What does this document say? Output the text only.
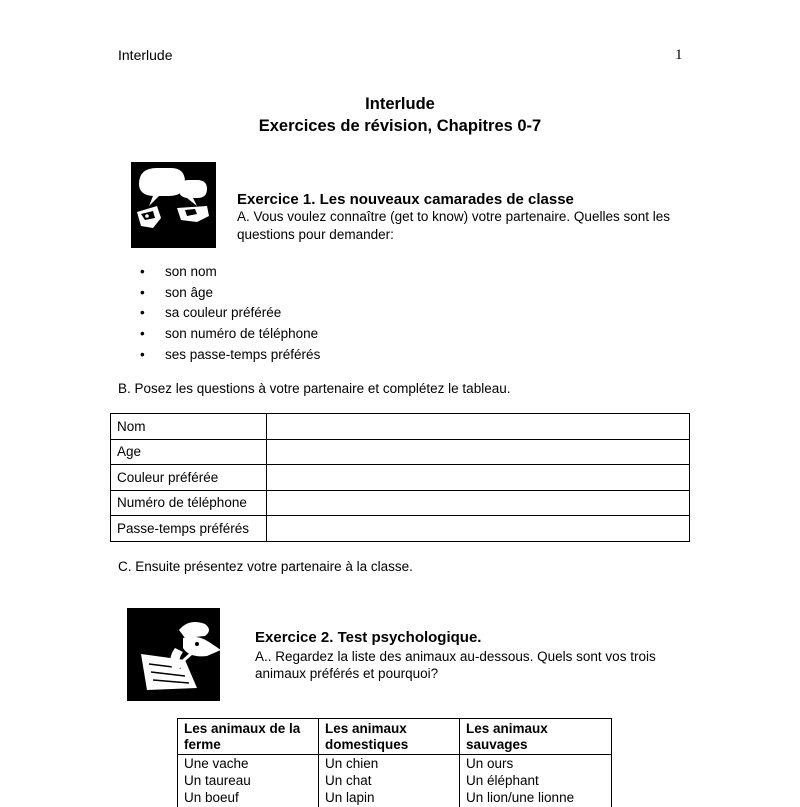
Interlude	1
Interlude
Exercices de révision, Chapitres 0-7
Exercice 1. Les nouveaux camarades de classe
A. Vous voulez connaître (get to know) votre partenaire. Quelles sont les
questions pour demander:
•	son nom
•	son âge
•	sa couleur préférée
•	son numéro de téléphone
•	ses passe-temps préférés
B. Posez les questions à votre partenaire et complétez le tableau.
Nom	
Age	
Couleur préférée	
Numéro de téléphone	
Passe-temps préférés	
C. Ensuite présentez votre partenaire à la classe.
Exercice 2. Test psychologique.
A.. Regardez la liste des animaux au-dessous. Quels sont vos trois
animaux préférés et pourquoi?
Les animaux de la ferme	Les animaux domestiques	Les animaux sauvages
Une vache	Un chien	Un ours
Un taureau	Un chat	Un éléphant
Un boeuf	Un lapin	Un lion/une lionne
